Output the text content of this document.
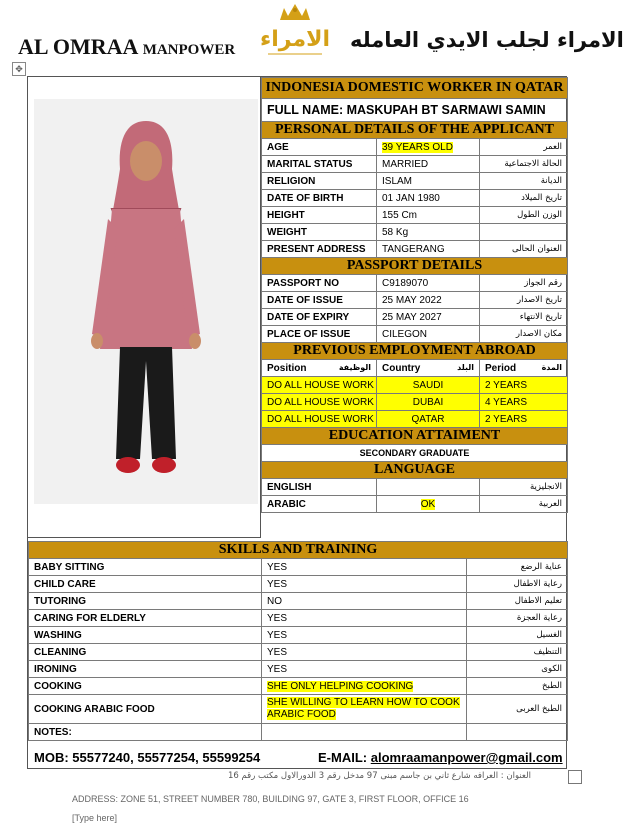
AL OMRAA MANPOWER الامراء الامراء لجلب الايدي العامله
✥
INDONESIA DOMESTIC WORKER IN QATAR		
FULL NAME: MASKUPAH BT SARMAWI SAMIN		
PERSONAL DETAILS OF THE APPLICANT		
AGE	39 YEARS OLD	العمر
MARITAL STATUS	MARRIED	الحالة الاجتماعية
RELIGION	ISLAM	الديانة
DATE OF BIRTH	01 JAN 1980	تاريخ الميلاد
HEIGHT	155 Cm	الوزن الطول
WEIGHT	58 Kg	
PRESENT ADDRESS	TANGERANG	العنوان الحالى
PASSPORT DETAILS		
PASSPORT NO	C9189070	رقم الجواز
DATE OF ISSUE	25 MAY 2022	تاريخ الاصدار
DATE OF EXPIRY	25 MAY 2027	تاريخ الانتهاء
PLACE OF ISSUE	CILEGON	مكان الاصدار
PREVIOUS EMPLOYMENT ABROAD		
Position الوظيفة	Country البلد	Period المدة

DO ALL HOUSE WORK	SAUDI	2 YEARS
DO ALL HOUSE WORK	DUBAI	4 YEARS
DO ALL HOUSE WORK	QATAR	2 YEARS
EDUCATION ATTAIMENT		
SECONDARY GRADUATE		
LANGUAGE		
ENGLISH		الانجليزية
ARABIC	OK	العربية
SKILLS AND TRAINING		
BABY SITTING	YES	عناية الرضع
CHILD CARE	YES	رعاية الاطفال
TUTORING	NO	تعليم الاطفال
CARING FOR ELDERLY	YES	رعاية العجزة
WASHING	YES	الغسيل
CLEANING	YES	التنظيف
IRONING	YES	الكوى
COOKING	SHE ONLY HELPING COOKING	الطبخ
COOKING ARABIC FOOD	SHE WILLING TO LEARN HOW TO COOK ARABIC FOOD	الطبخ العربى
NOTES:		
MOB: 55577240, 55577254, 55599254	E-MAIL: alomraamanpower@gmail.com
العنوان : العرافه شارع ثاني بن جاسم مبنى 97 مدخل رقم 3 الدورالاول مكتب رقم 16
ADDRESS: ZONE 51, STREET NUMBER 780, BUILDING 97, GATE 3, FIRST FLOOR, OFFICE 16
[Type here]
